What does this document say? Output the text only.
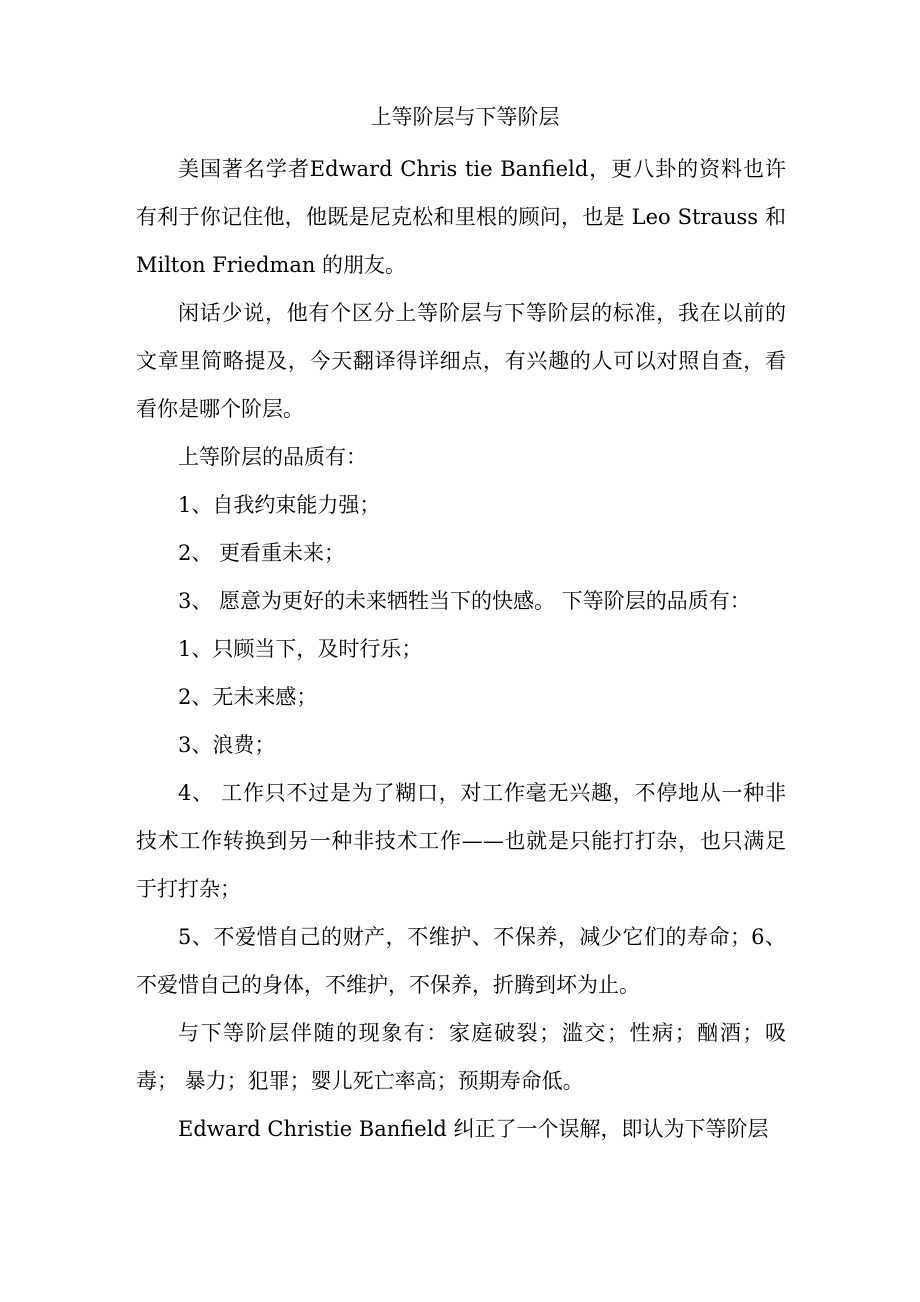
上等阶层与下等阶层

美国著名学者Edward Chris tie Banfield，更八卦的资料也许有利于你记住他，他既是尼克松和里根的顾问，也是 Leo Strauss 和 Milton Friedman 的朋友。

闲话少说，他有个区分上等阶层与下等阶层的标准，我在以前的文章里简略提及，今天翻译得详细点，有兴趣的人可以对照自查，看看你是哪个阶层。

上等阶层的品质有：

1、自我约束能力强；

2、 更看重未来；

3、 愿意为更好的未来牺牲当下的快感。 下等阶层的品质有：

1、只顾当下，及时行乐；

2、无未来感；

3、浪费；

4、 工作只不过是为了糊口，对工作毫无兴趣，不停地从一种非技术工作转换到另一种非技术工作——也就是只能打打杂，也只满足于打打杂；

5、不爱惜自己的财产，不维护、不保养，减少它们的寿命；6、不爱惜自己的身体，不维护，不保养，折腾到坏为止。

与下等阶层伴随的现象有：家庭破裂；滥交；性病；酗酒；吸毒； 暴力；犯罪；婴儿死亡率高；预期寿命低。

Edward Christie Banfield 纠正了一个误解，即认为下等阶层
